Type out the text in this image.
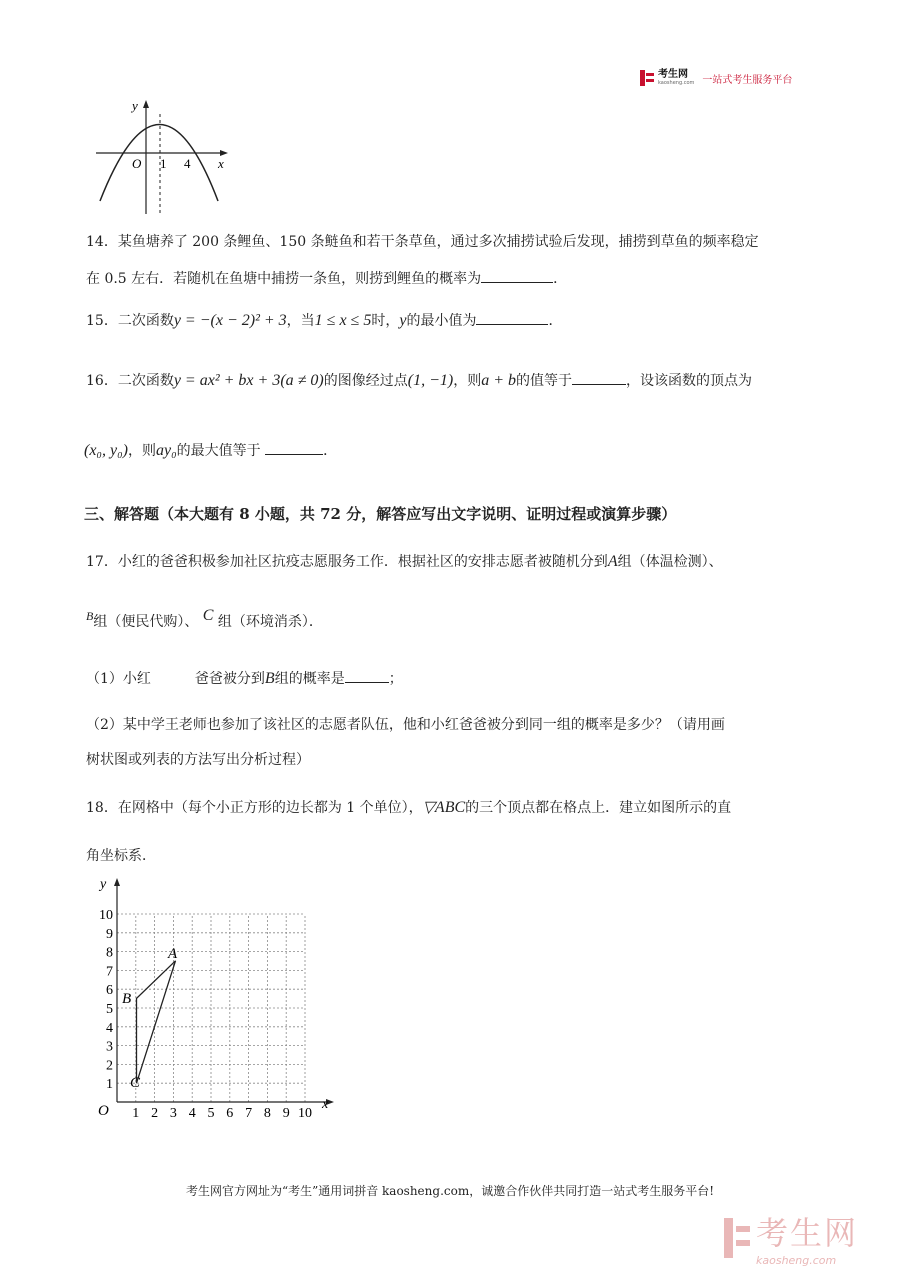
考生网
kaosheng.com 一站式考生服务平台
y
x
O 1 4
14．某鱼塘养了 200 条鲤鱼、150 条鲢鱼和若干条草鱼，通过多次捕捞试验后发现，捕捞到草鱼的频率稳定
在 0.5 左右．若随机在鱼塘中捕捞一条鱼，则捞到鲤鱼的概率为	．
15．二次函数y = −(x − 2)² + 3，当1 ≤ x ≤ 5时，y的最小值为	．
16．二次函数y = ax² + bx + 3(a ≠ 0)的图像经过点(1, −1)，则a + b的值等于	，设该函数的顶点为
(x₀, y₀)，则ay₀的最大值等于	．
三、解答题（本大题有 8 小题，共 72 分，解答应写出文字说明、证明过程或演算步骤）
17．小红的爸爸积极参加社区抗疫志愿服务工作．根据社区的安排志愿者被随机分到A组（体温检测）、
B组（便民代购）、 C 组（环境消杀）．
（1）小红	爸爸被分到B组的概率是	；
（2）某中学王老师也参加了该社区的志愿者队伍，他和小红爸爸被分到同一组的概率是多少？（请用画
树状图或列表的方法写出分析过程）
18．在网格中（每个小正方形的边长都为 1 个单位），▽ABC的三个顶点都在格点上．建立如图所示的直
角坐标系．
1
2
3
4
5
6
7
8
9
10
1 2 3 4 5 6 7 8 9 10
y
x
O
A
B
C
考生网官方网址为“考生”通用词拼音 kaosheng.com，诚邀合作伙伴共同打造一站式考生服务平台!
考生网
kaosheng.com
